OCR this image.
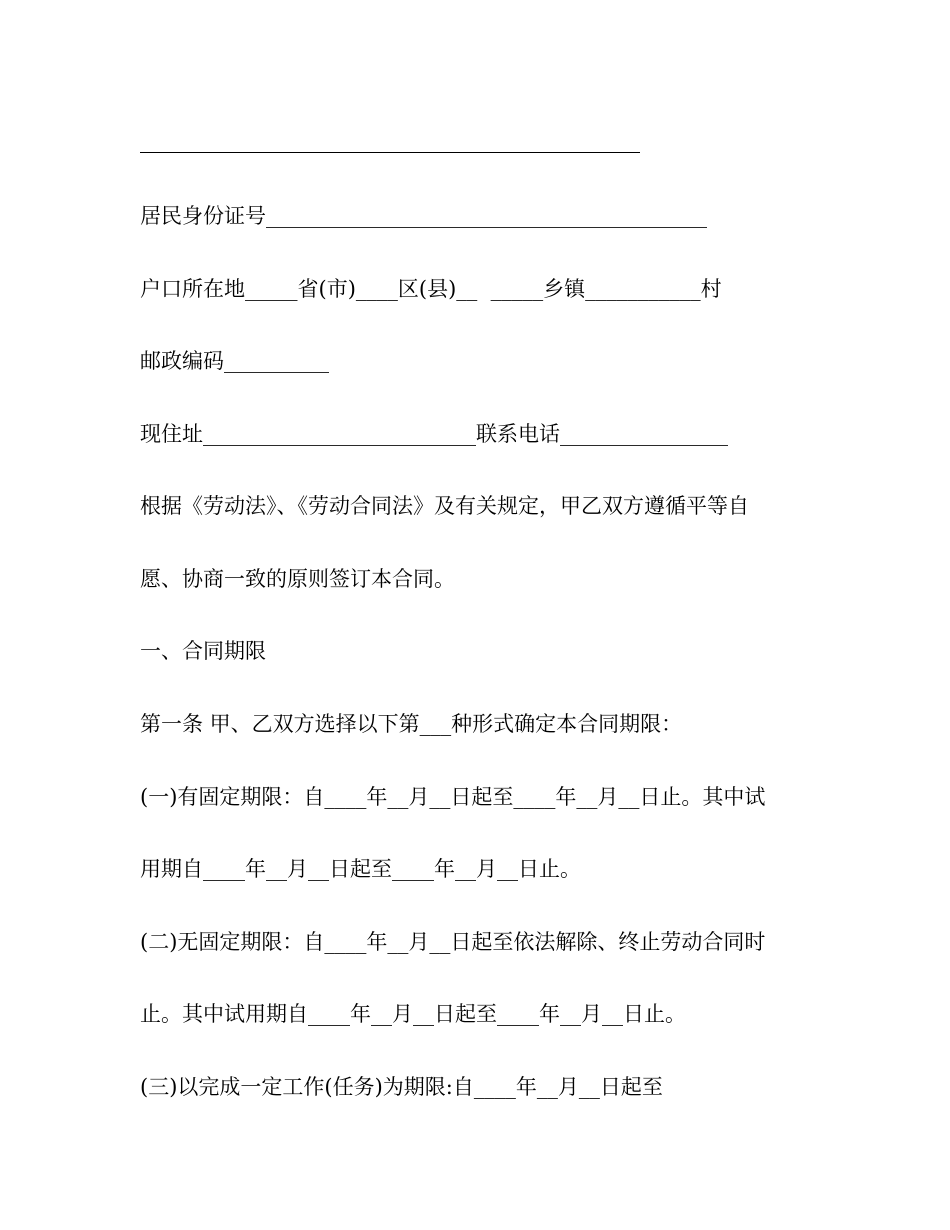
居民身份证号__________________________________________
户口所在地_____省(市)____区(县)__  _____乡镇___________村
邮政编码__________
现住址__________________________联系电话________________
根据《劳动法》、《劳动合同法》及有关规定，甲乙双方遵循平等自
愿、协商一致的原则签订本合同。
一、合同期限
第一条 甲、乙双方选择以下第___种形式确定本合同期限：
(一)有固定期限：自____年__月__日起至____年__月__日止。其中试
用期自____年__月__日起至____年__月__日止。
(二)无固定期限：自____年__月__日起至依法解除、终止劳动合同时
止。其中试用期自____年__月__日起至____年__月__日止。
(三)以完成一定工作(任务)为期限:自____年__月__日起至
